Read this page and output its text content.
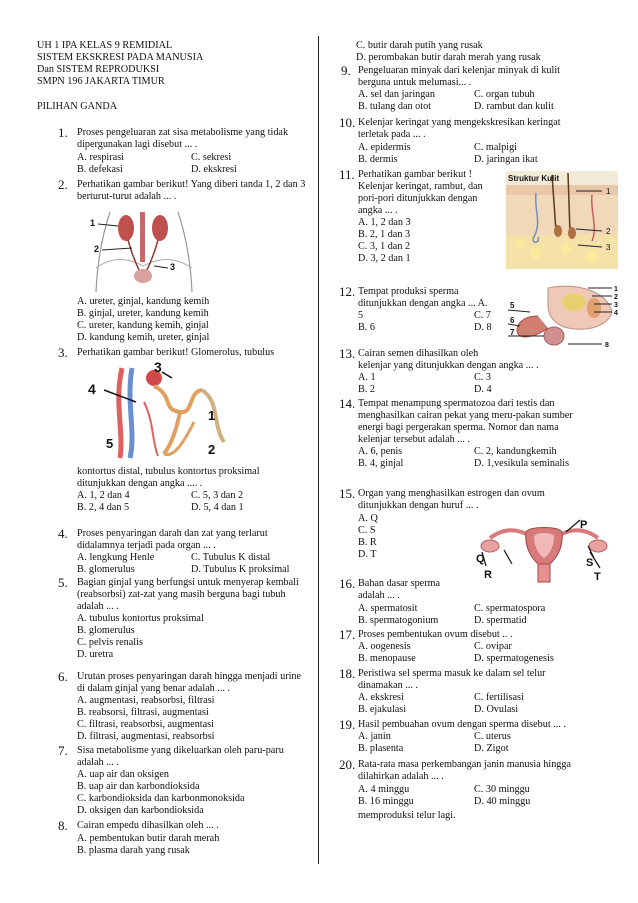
UH 1 IPA KELAS 9 REMIDIAL
SISTEM EKSKRESI PADA MANUSIA
Dan SISTEM REPRODUKSI
SMPN 196 JAKARTA TIMUR
PILIHAN GANDA
1. Proses pengeluaran zat sisa metabolisme yang tidak
dipergunakan lagi disebut ... .
A. respirasi	C. sekresi
B. defekasi	D. ekskresi
2. Perhatikan gambar berikut! Yang diberi tanda 1, 2 dan 3
berturut-turut adalah ... .
1
2
3
A. ureter, ginjal, kandung kemih
B. ginjal, ureter, kandung kemih
C. ureter, kandung kemih, ginjal
D. kandung kemih, ureter, ginjal
3. Perhatikan gambar berikut! Glomerolus, tubulus
4
3
5
1
2
kontortus distal, tubulus kontortus proksimal
ditunjukkan dengan angka .... .
A. 1, 2 dan 4	C. 5, 3 dan 2
B. 2, 4 dan 5	D. 5, 4 dan 1
4. Proses penyaringan darah dan zat yang terlarut
didalamnya terjadi pada organ ... .
A. lengkung Henle	C. Tubulus K distal
B. glomerulus	D. Tubulus K proksimal
5. Bagian ginjal yang berfungsi untuk menyerap kembali
(reabsorbsi) zat-zat yang masih berguna bagi tubuh
adalah ... .
A. tubulus kontortus proksimal
B. glomerulus
C. pelvis renalis
D. uretra
6. Urutan proses penyaringan darah hingga menjadi urine
di dalam ginjal yang benar adalah ... .
A. augmentasi, reabsorbsi, filtrasi
B. reabsorsi, filtrasi, augmentasi
C. filtrasi, reabsorbsi, augmentasi
D. filtrasi, augmentasi, reabsorbsi
7. Sisa metabolisme yang dikeluarkan oleh paru-paru
adalah ... .
A. uap air dan oksigen
B. uap air dan karbondioksida
C. karbondioksida dan karbonmonoksida
D. oksigen dan karbondioksida
8. Cairan empedu dihasilkan oleh ... .
A. pembentukan butir darah merah
B. plasma darah yang rusak
C. butir darah putih yang rusak
D. perombakan butir darah merah yang rusak
9. Pengeluaran minyak dari kelenjar minyak di kulit
berguna untuk melumasi... .
A. sel dan jaringan	C. organ tubuh
B. tulang dan otot	D. rambut dan kulit
10. Kelenjar keringat yang mengekskresikan keringat
terletak pada ... .
A. epidermis	C. malpigi
B. dermis	D. jaringan ikat
11. Perhatikan gambar berikut !
Kelenjar keringat, rambut, dan
pori-pori ditunjukkan dengan
angka ... .
A. 1, 2 dan 3
B. 2, 1 dan 3
C. 3, 1 dan 2
D. 3, 2 dan 1
Struktur Kulit
1
2
3
12. Tempat produksi sperma
ditunjukkan dengan angka ... A.
5	C. 7
B. 6	D. 8
1
2
3
4
5
6
7
8
13. Cairan semen dihasilkan oleh
kelenjar yang ditunjukkan dengan angka ... .
A. 1	C. 3
B. 2	D. 4
14. Tempat menampung spermatozoa dari testis dan
menghasilkan cairan pekat yang meru-pakan sumber
energi bagi pergerakan sperma. Nomor dan nama
kelenjar tersebut adalah ... .
A. 6, penis	C. 2, kandungkemih
B. 4, ginjal	D. 1,vesikula seminalis
15. Organ yang menghasilkan estrogen dan ovum
ditunjukkan dengan huruf ... .
A. Q
C. S
B. R
D. T
P
Q
R
S
T
16. Bahan dasar sperma
adalah ... .
A. spermatosit	C. spermatospora
B. spermatogonium	D. spermatid
17. Proses pembentukan ovum disebut .. .
A. oogenesis	C. ovipar
B. menopause	D. spermatogenesis
18. Peristiwa sel sperma masuk ke dalam sel telur
dinamakan ... .
A. ekskresi	C. fertilisasi
B. ejakulasi	D. Ovulasi
19. Hasil pembuahan ovum dengan sperma disebut ... .
A. janin	C. uterus
B. plasenta	D. Zigot
20. Rata-rata masa perkembangan janin manusia hingga
dilahirkan adalah ... .
A. 4 minggu	C. 30 minggu
B. 16 minggu	D. 40 minggu
memproduksi telur lagi.
